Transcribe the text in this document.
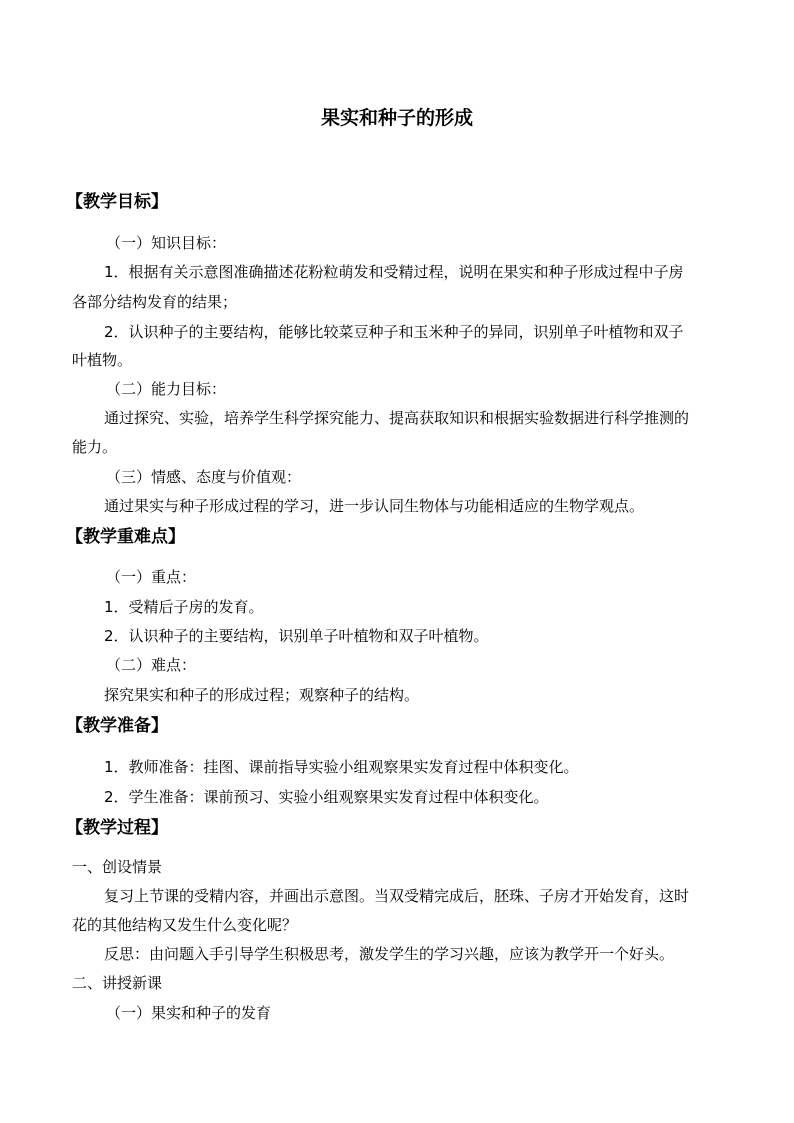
果实和种子的形成
【教学目标】
（一）知识目标：
1．根据有关示意图准确描述花粉粒萌发和受精过程，说明在果实和种子形成过程中子房
各部分结构发育的结果；
2．认识种子的主要结构，能够比较菜豆种子和玉米种子的异同，识别单子叶植物和双子
叶植物。
（二）能力目标：
通过探究、实验，培养学生科学探究能力、提高获取知识和根据实验数据进行科学推测的
能力。
（三）情感、态度与价值观：
通过果实与种子形成过程的学习，进一步认同生物体与功能相适应的生物学观点。
【教学重难点】
（一）重点：
1．受精后子房的发育。
2．认识种子的主要结构，识别单子叶植物和双子叶植物。
（二）难点：
探究果实和种子的形成过程；观察种子的结构。
【教学准备】
1．教师准备：挂图、课前指导实验小组观察果实发育过程中体积变化。
2．学生准备：课前预习、实验小组观察果实发育过程中体积变化。
【教学过程】
一、创设情景
复习上节课的受精内容，并画出示意图。当双受精完成后，胚珠、子房才开始发育，这时
花的其他结构又发生什么变化呢？
反思：由问题入手引导学生积极思考，激发学生的学习兴趣，应该为教学开一个好头。
二、讲授新课
（一）果实和种子的发育
